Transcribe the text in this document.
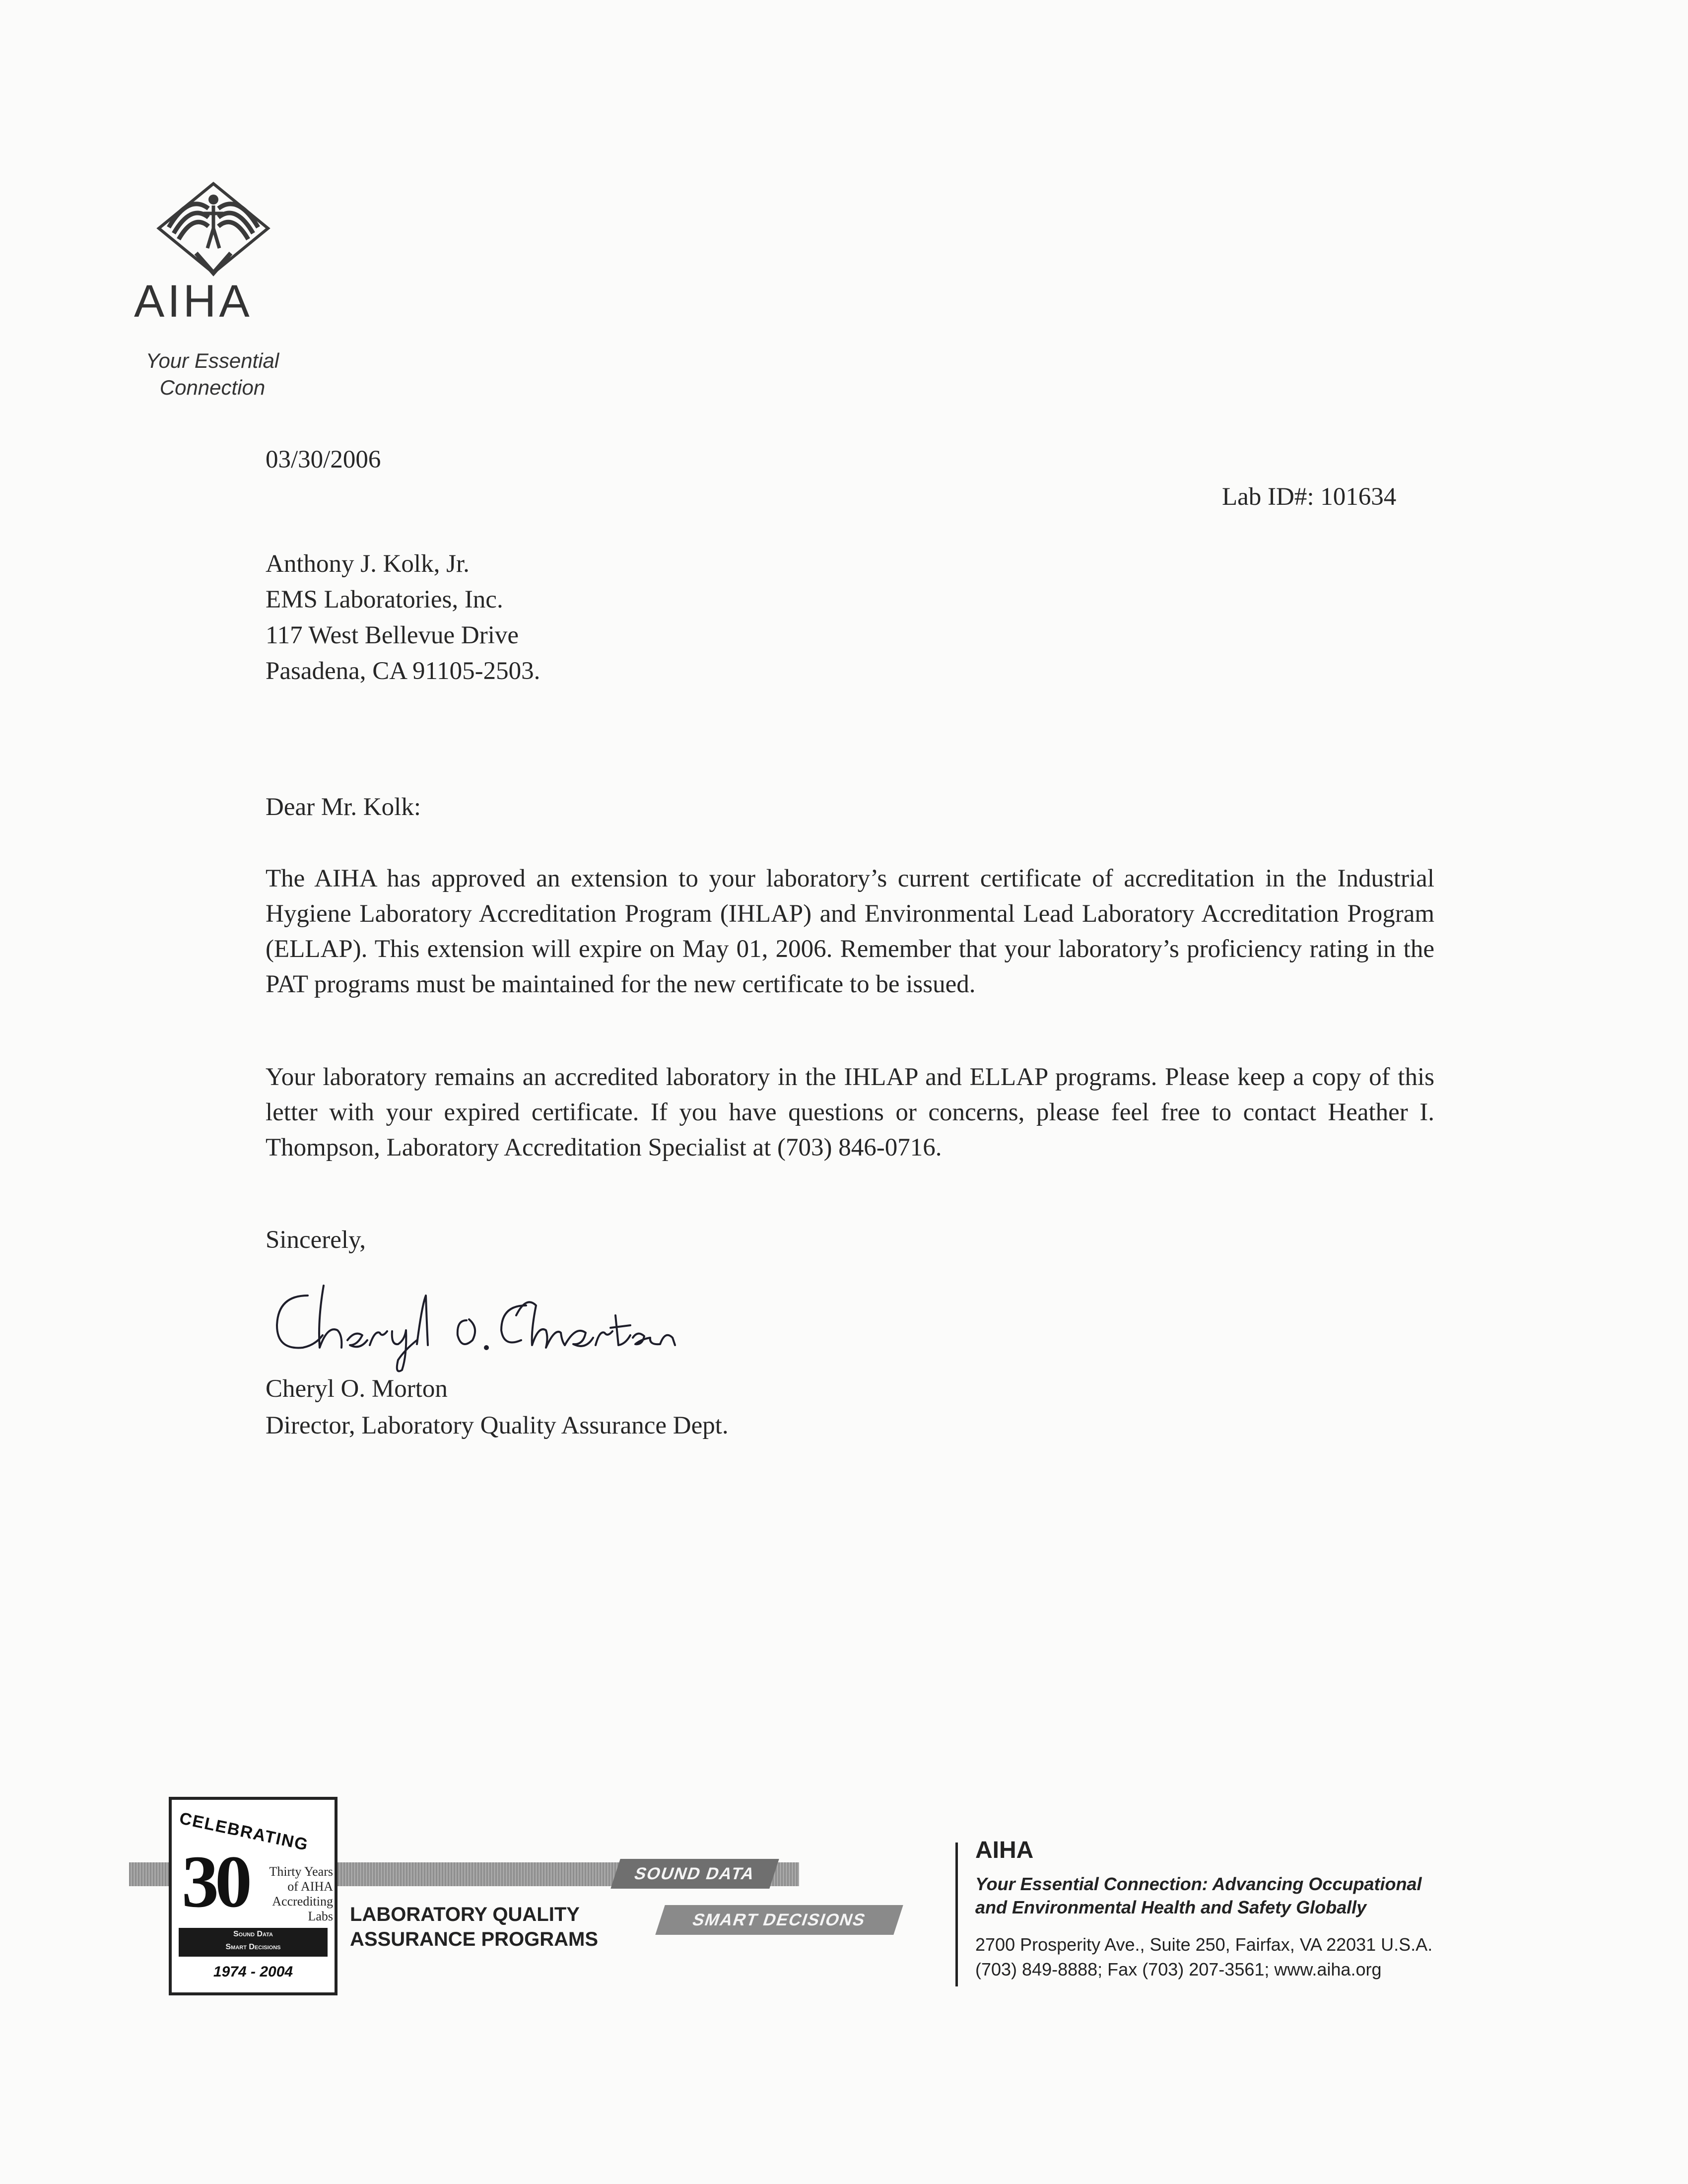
AIHA
Your Essential
Connection
03/30/2006
Lab ID#: 101634
Anthony J. Kolk, Jr.
EMS Laboratories, Inc.
117 West Bellevue Drive
Pasadena, CA 91105-2503.
Dear Mr. Kolk:
The AIHA has approved an extension to your laboratory’s current certificate of accreditation in the Industrial Hygiene Laboratory Accreditation Program (IHLAP) and Environmental Lead Laboratory Accreditation Program (ELLAP). This extension will expire on May 01, 2006. Remember that your laboratory’s proficiency rating in the PAT programs must be maintained for the new certificate to be issued.
Your laboratory remains an accredited laboratory in the IHLAP and ELLAP programs. Please keep a copy of this letter with your expired certificate. If you have questions or concerns, please feel free to contact Heather I. Thompson, Laboratory Accreditation Specialist at (703) 846-0716.
Sincerely,
Cheryl O. Morton
Director, Laboratory Quality Assurance Dept.
CELEBRATING
30	Thirty Years
of AIHA
Accrediting Labs
Sound Data
Smart Decisions
1974 - 2004
SOUND DATA
SMART DECISIONS
LABORATORY QUALITY
ASSURANCE PROGRAMS
AIHA
Your Essential Connection: Advancing Occupational
and Environmental Health and Safety Globally
2700 Prosperity Ave., Suite 250, Fairfax, VA 22031 U.S.A.
(703) 849-8888; Fax (703) 207-3561; www.aiha.org
